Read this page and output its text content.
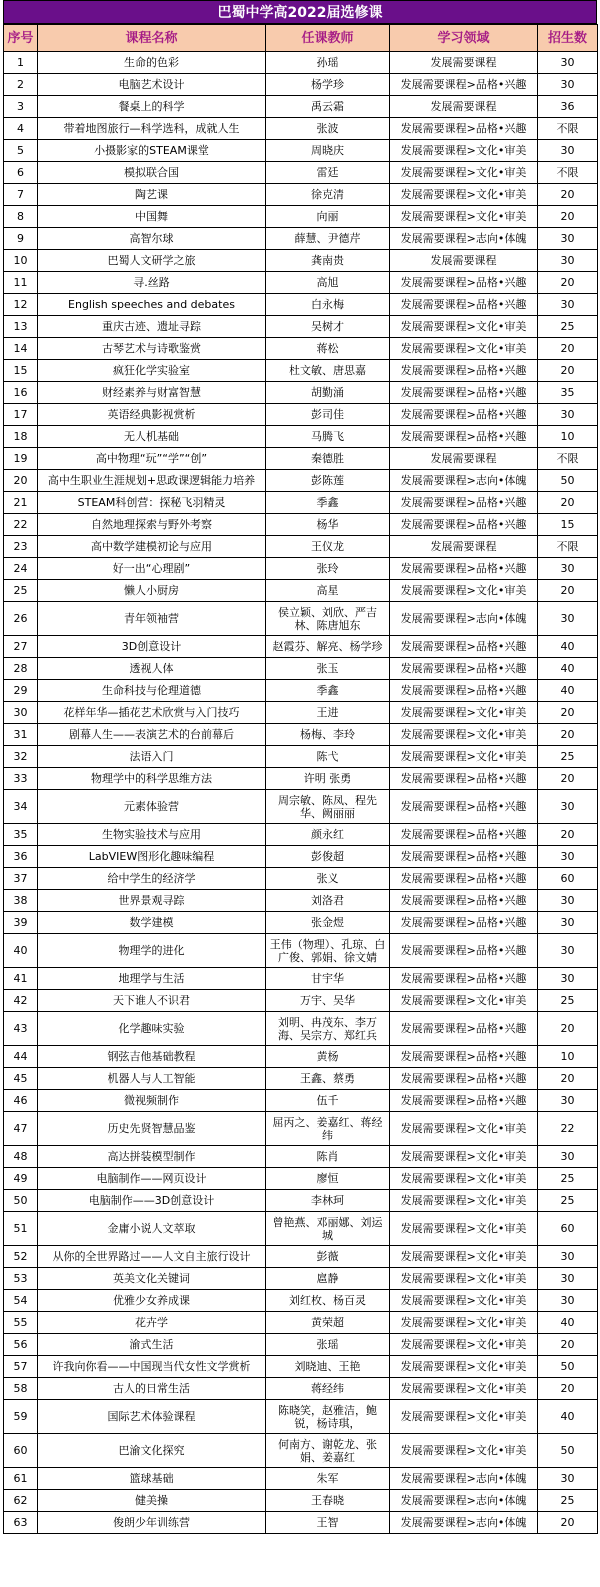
巴蜀中学高2022届选修课
序号	课程名称	任课教师	学习领域	招生数
1	生命的色彩	孙瑶	发展需要课程	30
2	电脑艺术设计	杨学珍	发展需要课程>品格•兴趣	30
3	餐桌上的科学	禹云霜	发展需要课程	36
4	带着地图旅行—科学选科，成就人生	张波	发展需要课程>品格•兴趣	不限
5	小摄影家的STEAM课堂	周晓庆	发展需要课程>文化•审美	30
6	模拟联合国	雷廷	发展需要课程>文化•审美	不限
7	陶艺课	徐克清	发展需要课程>文化•审美	20
8	中国舞	向丽	发展需要课程>文化•审美	20
9	高智尔球	薛慧、尹德芹	发展需要课程>志向•体魄	30
10	巴蜀人文研学之旅	龚南贵	发展需要课程	30
11	寻.丝路	高旭	发展需要课程>品格•兴趣	20
12	English speeches and debates	白永梅	发展需要课程>品格•兴趣	30
13	重庆古迹、遗址寻踪	吴树才	发展需要课程>文化•审美	25
14	古琴艺术与诗歌鉴赏	蒋松	发展需要课程>文化•审美	20
15	疯狂化学实验室	杜文敏、唐思嘉	发展需要课程>品格•兴趣	20
16	财经素养与财富智慧	胡勤涌	发展需要课程>品格•兴趣	35
17	英语经典影视赏析	彭司佳	发展需要课程>品格•兴趣	30
18	无人机基础	马腾飞	发展需要课程>品格•兴趣	10
19	高中物理“玩”“学”“创”	秦德胜	发展需要课程	不限
20	高中生职业生涯规划+思政课逻辑能力培养	彭陈莲	发展需要课程>志向•体魄	50
21	STEAM科创营：探秘飞羽精灵	季鑫	发展需要课程>品格•兴趣	20
22	自然地理探索与野外考察	杨华	发展需要课程>品格•兴趣	15
23	高中数学建模初论与应用	王仪龙	发展需要课程	不限
24	好一出“心理剧”	张玲	发展需要课程>品格•兴趣	30
25	懒人小厨房	高星	发展需要课程>文化•审美	20
26	青年领袖营	侯立颖、刘欣、严吉林、陈唐旭东	发展需要课程>志向•体魄	30
27	3D创意设计	赵霞芬、解亮、杨学珍	发展需要课程>品格•兴趣	40
28	透视人体	张玉	发展需要课程>品格•兴趣	40
29	生命科技与伦理道德	季鑫	发展需要课程>品格•兴趣	40
30	花样年华—插花艺术欣赏与入门技巧	王进	发展需要课程>文化•审美	20
31	剧幕人生——表演艺术的台前幕后	杨梅、李玲	发展需要课程>文化•审美	20
32	法语入门	陈弋	发展需要课程>文化•审美	25
33	物理学中的科学思维方法	许明 张勇	发展需要课程>品格•兴趣	20
34	元素体验营	周宗敏、陈凤、程先华、阙丽丽	发展需要课程>品格•兴趣	30
35	生物实验技术与应用	颜永红	发展需要课程>品格•兴趣	20
36	LabVIEW图形化趣味编程	彭俊超	发展需要课程>品格•兴趣	30
37	给中学生的经济学	张义	发展需要课程>品格•兴趣	60
38	世界景观寻踪	刘洛君	发展需要课程>品格•兴趣	30
39	数学建模	张金煜	发展需要课程>品格•兴趣	30
40	物理学的进化	王伟（物理）、孔琼、白广俊、郭娟、徐文婧	发展需要课程>品格•兴趣	30
41	地理学与生活	甘宇华	发展需要课程>品格•兴趣	30
42	天下谁人不识君	万宇、吴华	发展需要课程>文化•审美	25
43	化学趣味实验	刘明、冉茂东、李万海、吴宗方、郑红兵	发展需要课程>品格•兴趣	20
44	钢弦吉他基础教程	黄杨	发展需要课程>品格•兴趣	10
45	机器人与人工智能	王鑫、蔡勇	发展需要课程>品格•兴趣	20
46	微视频制作	伍千	发展需要课程>品格•兴趣	30
47	历史先贤智慧品鉴	屈丙之、姜嘉红、蒋经纬	发展需要课程>文化•审美	22
48	高达拼装模型制作	陈肖	发展需要课程>文化•审美	30
49	电脑制作——网页设计	廖恒	发展需要课程>文化•审美	25
50	电脑制作——3D创意设计	李林珂	发展需要课程>文化•审美	25
51	金庸小说人文萃取	曾艳燕、邓丽娜、刘运城	发展需要课程>文化•审美	60
52	从你的全世界路过——人文自主旅行设计	彭薇	发展需要课程>文化•审美	30
53	英美文化关键词	扈静	发展需要课程>文化•审美	30
54	优雅少女养成课	刘红枚、杨百灵	发展需要课程>文化•审美	30
55	花卉学	黄荣超	发展需要课程>文化•审美	40
56	渝式生活	张瑶	发展需要课程>文化•审美	20
57	许我向你看——中国现当代女性文学赏析	刘晓迪、王艳	发展需要课程>文化•审美	50
58	古人的日常生活	蒋经纬	发展需要课程>文化•审美	20
59	国际艺术体验课程	陈晓笑，赵雅洁，鲍锐，杨诗琪，	发展需要课程>文化•审美	40
60	巴渝文化探究	何南方、谢乾龙、张娟、姜嘉红	发展需要课程>文化•审美	50
61	篮球基础	朱军	发展需要课程>志向•体魄	30
62	健美操	王春晓	发展需要课程>志向•体魄	25
63	俊朗少年训练营	王智	发展需要课程>志向•体魄	20
